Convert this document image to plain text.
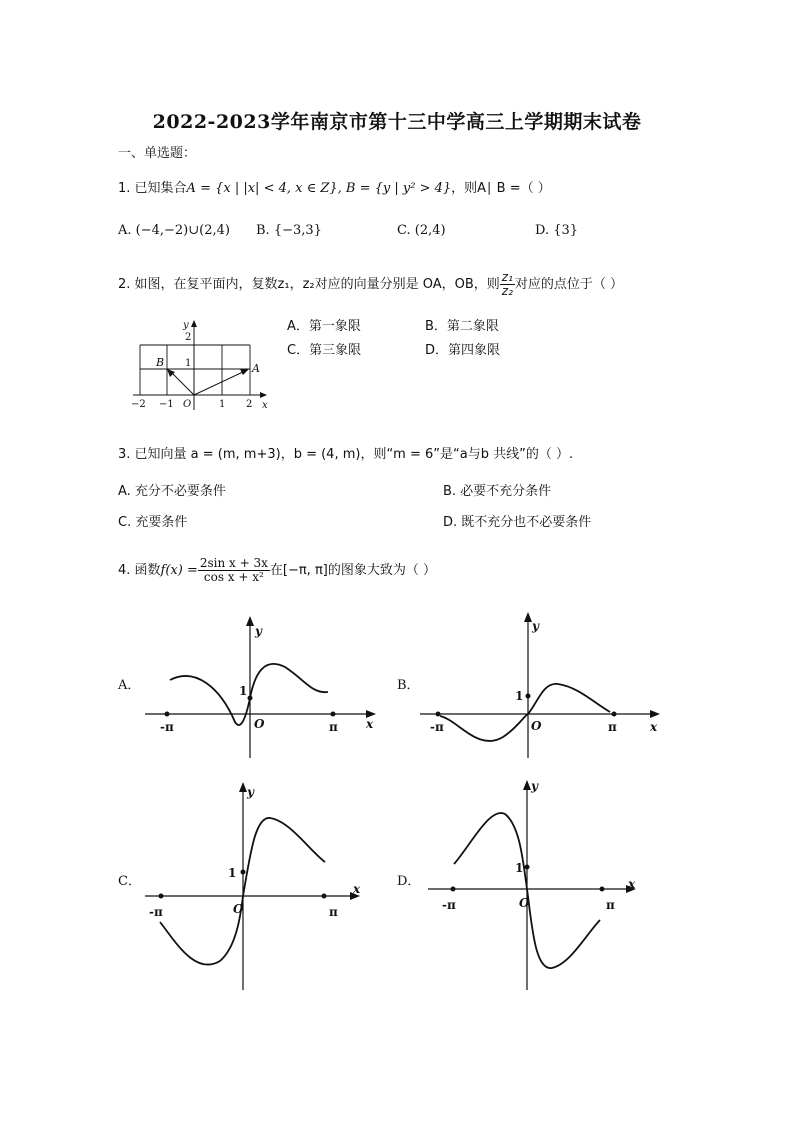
2022-2023学年南京市第十三中学高三上学期期末试卷
一、单选题：
1. 已知集合A = {x | |x| < 4, x ∈ Z}, B = {y | y² > 4}，则A∣ B =（ ）
A. (−4,−2)∪(2,4) B. {−3,3}	C. (2,4)	D. {3}
2. 如图，在复平面内，复数z₁，z₂对应的向量分别是 OA，OB，则 $\frac{\text{z₁}}{\text{z₂}}$ 对应的点位于（ ）
y
2
1
B	A
−2 −1 O	1 2 x
A．第一象限	B．第二象限
C．第三象限	D．第四象限
3. 已知向量 a = (m, m+3)，b = (4, m)，则“m = 6”是“a与b 共线”的（ ）.
A. 充分不必要条件	B. 必要不充分条件
C. 充要条件	D. 既不充分也不必要条件
4. 函数$f(x) = \frac{\text{2sin x + 3x}}{\text{cos x + x²}}$ 在[−π, π]的图象大致为（ ）
A．
y
1
O
-π	π x
B．
y
1
O
-π	π	x
C．
y
1
O
-π	π
x	D．
y
1
O
-π	π
x
